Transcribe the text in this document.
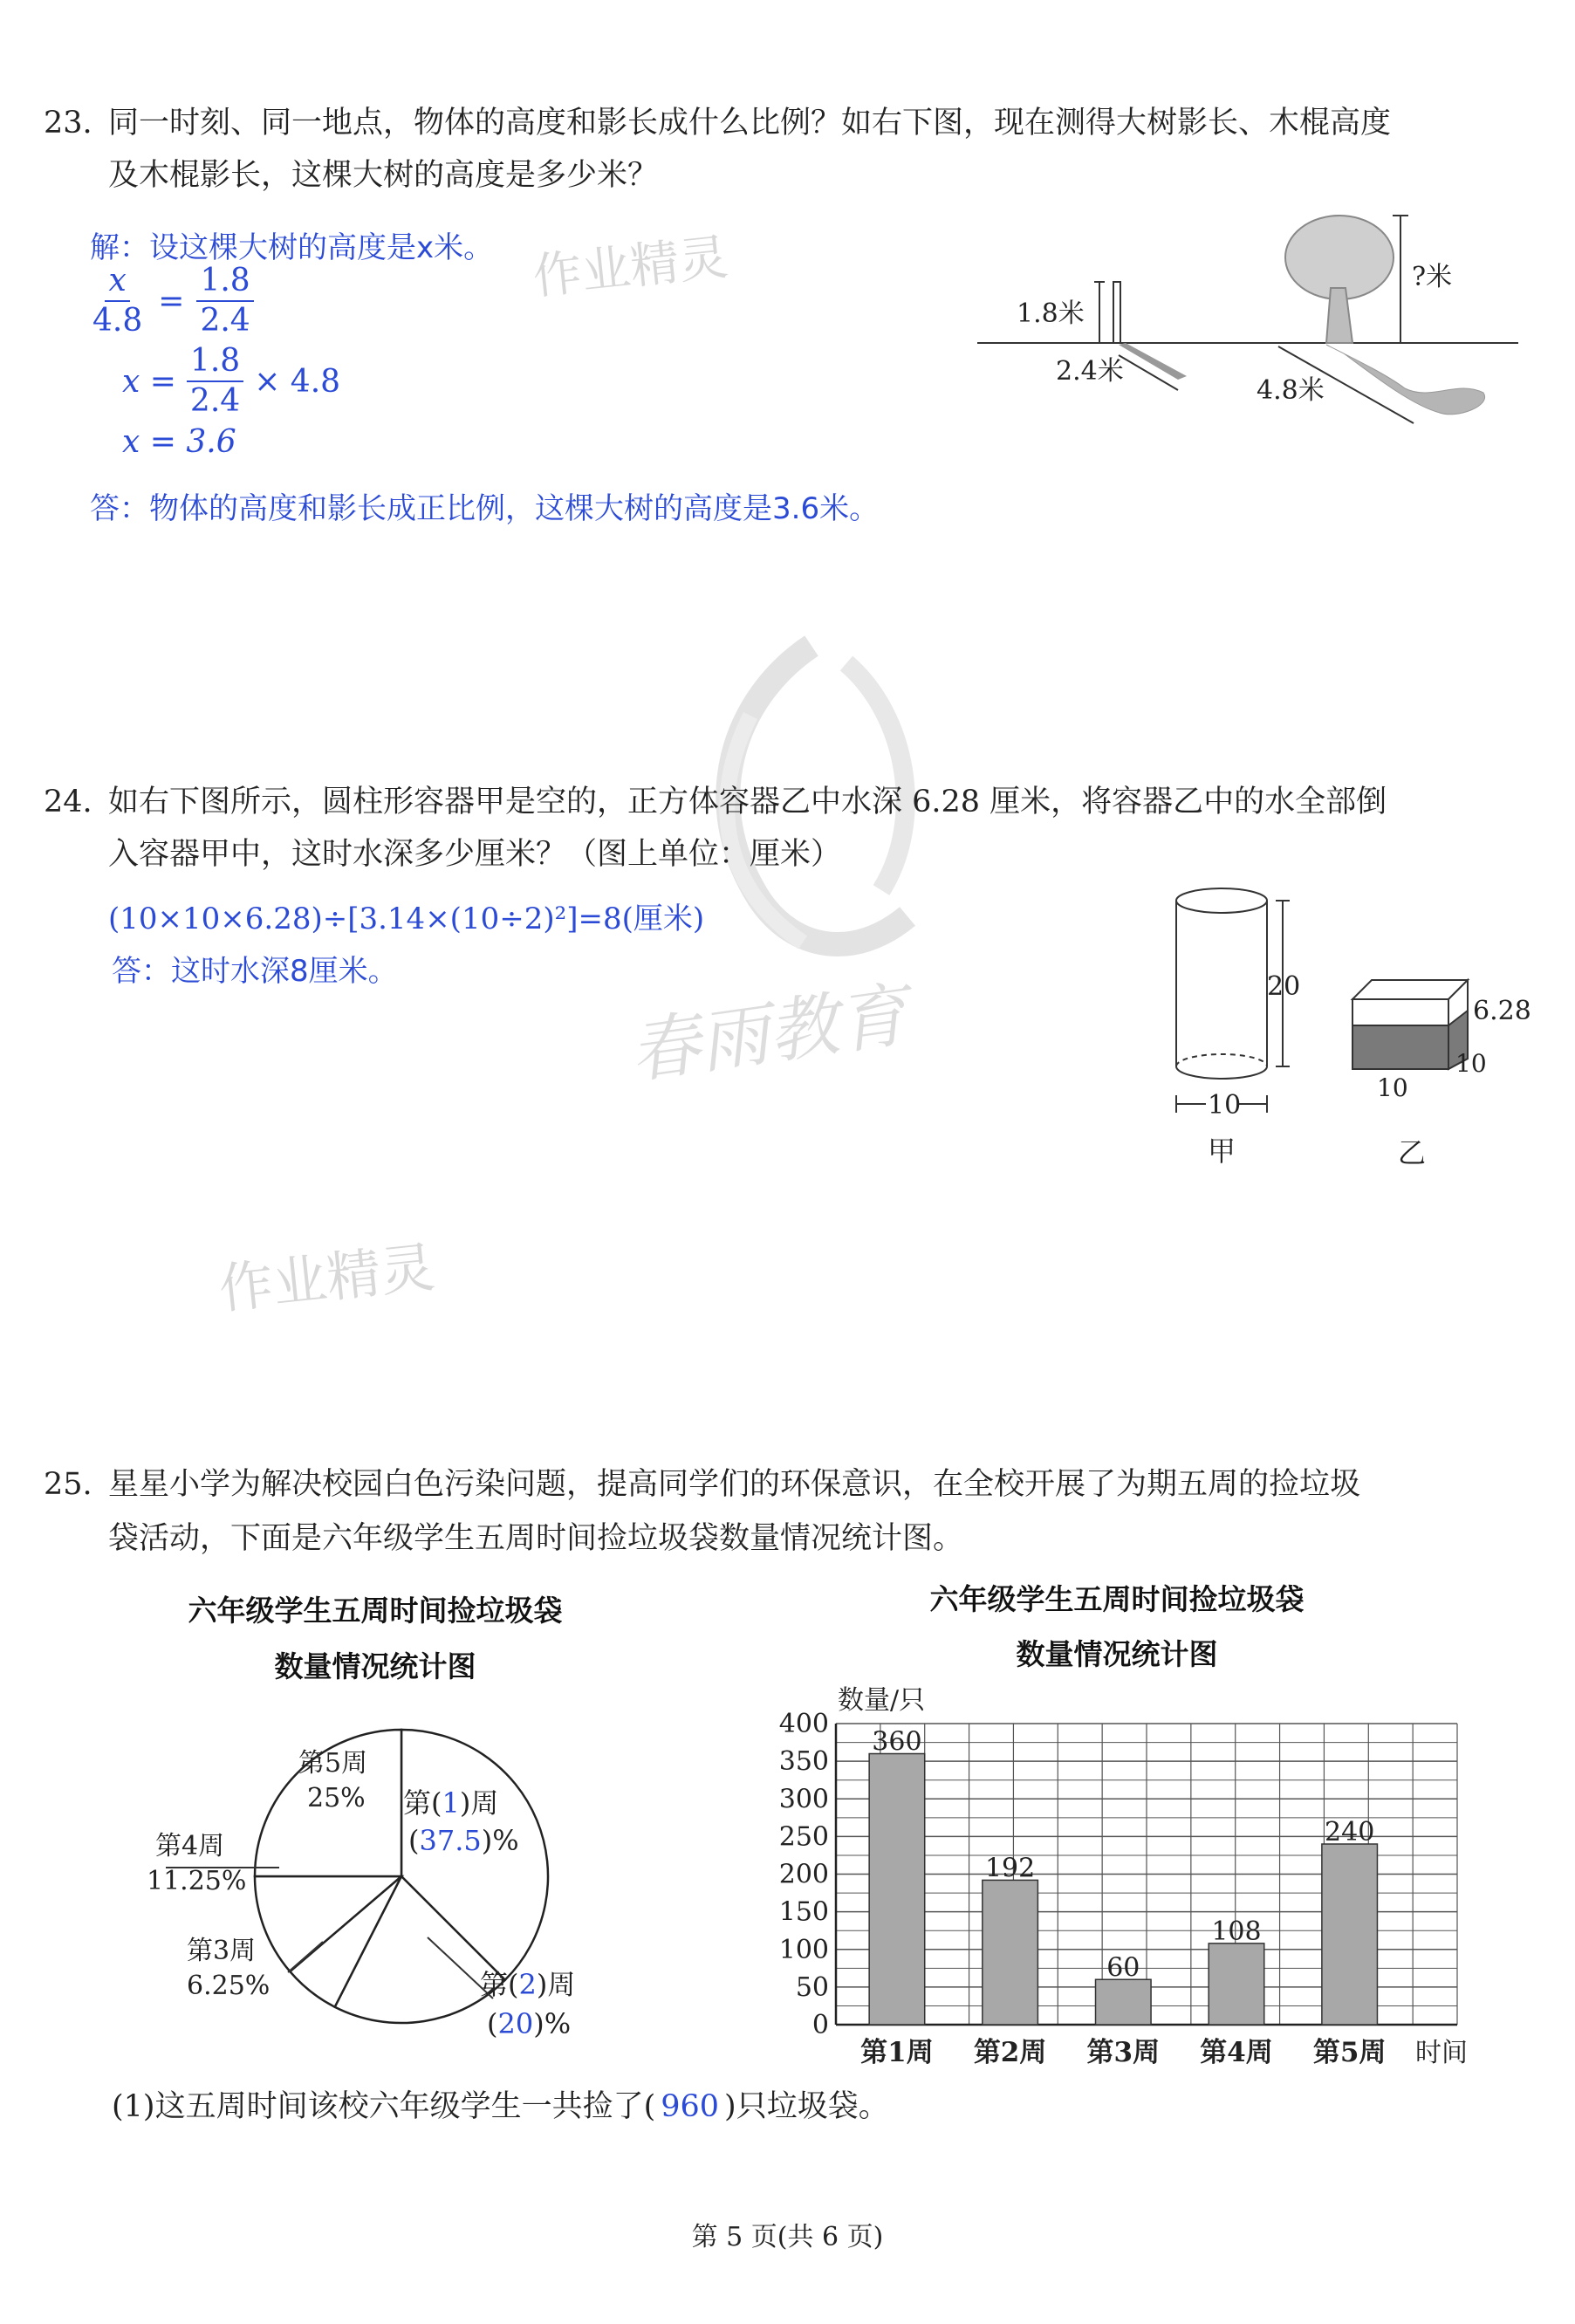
作业精灵
作业精灵
春雨教育
23. 同一时刻、同一地点，物体的高度和影长成什么比例？如右下图，现在测得大树影长、木棍高度
及木棍影长，这棵大树的高度是多少米？
解：设这棵大树的高度是x米。
$\frac{x}{4.8} = \frac{1.8}{2.4}$
$x = \frac{1.8}{2.4} \times 4.8$
x = 3.6
答：物体的高度和影长成正比例，这棵大树的高度是3.6米。
1.8米
2.4米
?米
4.8米
24. 如右下图所示，圆柱形容器甲是空的，正方体容器乙中水深 6.28 厘米，将容器乙中的水全部倒
入容器甲中，这时水深多少厘米？（图上单位：厘米）
(10×10×6.28)÷[3.14×(10÷2)²]=8(厘米)
答：这时水深8厘米。	20
10
甲
6.28
10
10
乙
25. 星星小学为解决校园白色污染问题，提高同学们的环保意识，在全校开展了为期五周的捡垃圾
袋活动，下面是六年级学生五周时间捡垃圾袋数量情况统计图。
六年级学生五周时间捡垃圾袋
数量情况统计图
第5周
25%
第4周
11.25%
第3周
6.25%
第(1)周
(37.5)%
第(2)周
(20)%
六年级学生五周时间捡垃圾袋
数量情况统计图
0
50
100
150
200
250
300
350
400
360
192
60
108
240
第1周 第2周 第3周 第4周 第5周
数量/只
时间
(1)这五周时间该校六年级学生一共捡了( 960 )只垃圾袋。
第 5 页(共 6 页)
